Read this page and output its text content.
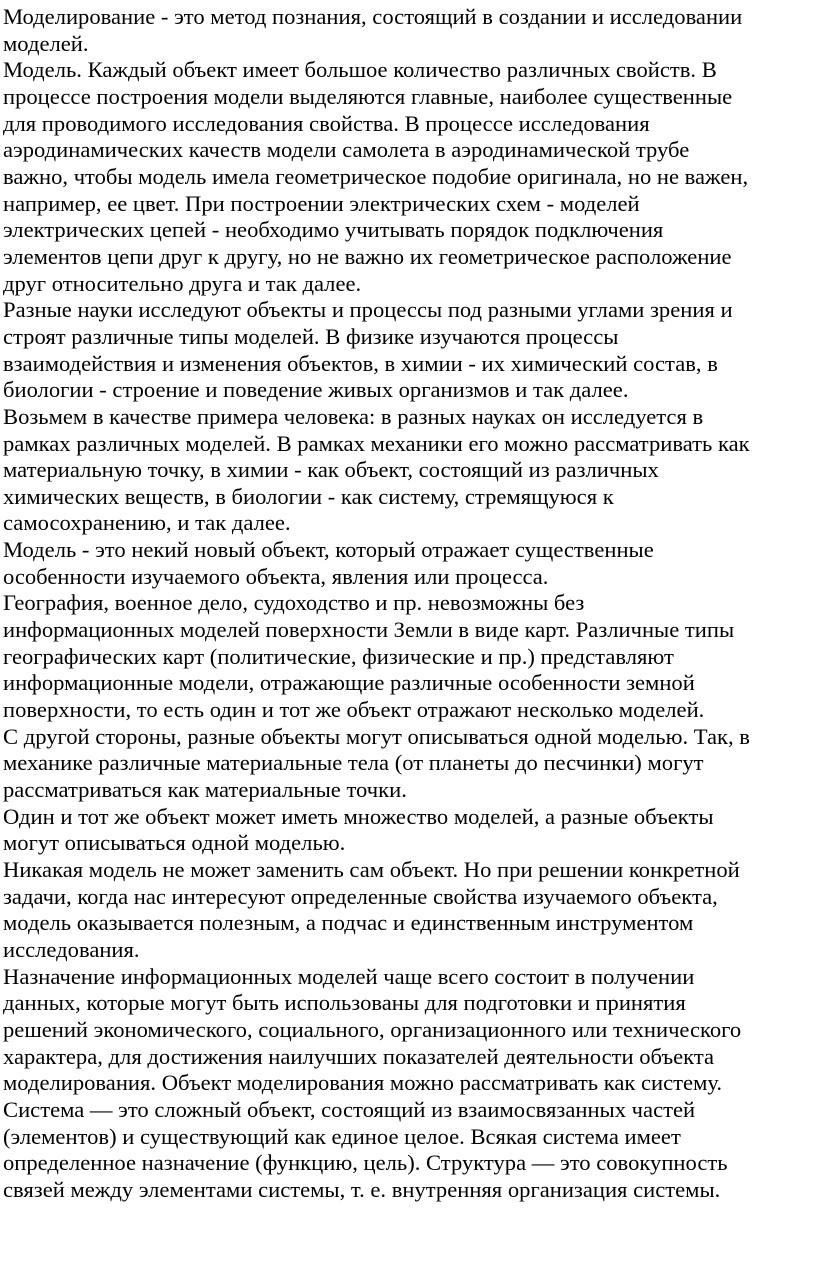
Моделирование - это метод познания, состоящий в создании и исследовании

моделей.

Модель. Каждый объект имеет большое количество различных свойств. В

процессе построения модели выделяются главные, наиболее существенные

для проводимого исследования свойства. В процессе исследования

аэродинамических качеств модели самолета в аэродинамической трубе

важно, чтобы модель имела геометрическое подобие оригинала, но не важен,

например, ее цвет. При построении электрических схем - моделей

электрических цепей - необходимо учитывать порядок подключения

элементов цепи друг к другу, но не важно их геометрическое расположение

друг относительно друга и так далее.

Разные науки исследуют объекты и процессы под разными углами зрения и

строят различные типы моделей. В физике изучаются процессы

взаимодействия и изменения объектов, в химии - их химический состав, в

биологии - строение и поведение живых организмов и так далее.

Возьмем в качестве примера человека: в разных науках он исследуется в

рамках различных моделей. В рамках механики его можно рассматривать как

материальную точку, в химии - как объект, состоящий из различных

химических веществ, в биологии - как систему, стремящуюся к

самосохранению, и так далее.

Модель - это некий новый объект, который отражает существенные

особенности изучаемого объекта, явления или процесса.

География, военное дело, судоходство и пр. невозможны без

информационных моделей поверхности Земли в виде карт. Различные типы

географических карт (политические, физические и пр.) представляют

информационные модели, отражающие различные особенности земной

поверхности, то есть один и тот же объект отражают несколько моделей.

С другой стороны, разные объекты могут описываться одной моделью. Так, в

механике различные материальные тела (от планеты до песчинки) могут

рассматриваться как материальные точки.

Один и тот же объект может иметь множество моделей, а разные объекты

могут описываться одной моделью.

Никакая модель не может заменить сам объект. Но при решении конкретной

задачи, когда нас интересуют определенные свойства изучаемого объекта,

модель оказывается полезным, а подчас и единственным инструментом

исследования.

Назначение информационных моделей чаще всего состоит в получении

данных, которые могут быть использованы для подготовки и принятия

решений экономического, социального, организационного или технического

характера, для достижения наилучших показателей деятельности объекта

моделирования. Объект моделирования можно рассматривать как систему.

Система — это сложный объект, состоящий из взаимосвязанных частей

(элементов) и существующий как единое целое. Всякая система имеет

определенное назначение (функцию, цель). Структура — это совокупность

связей между элементами системы, т. е. внутренняя организация системы.
